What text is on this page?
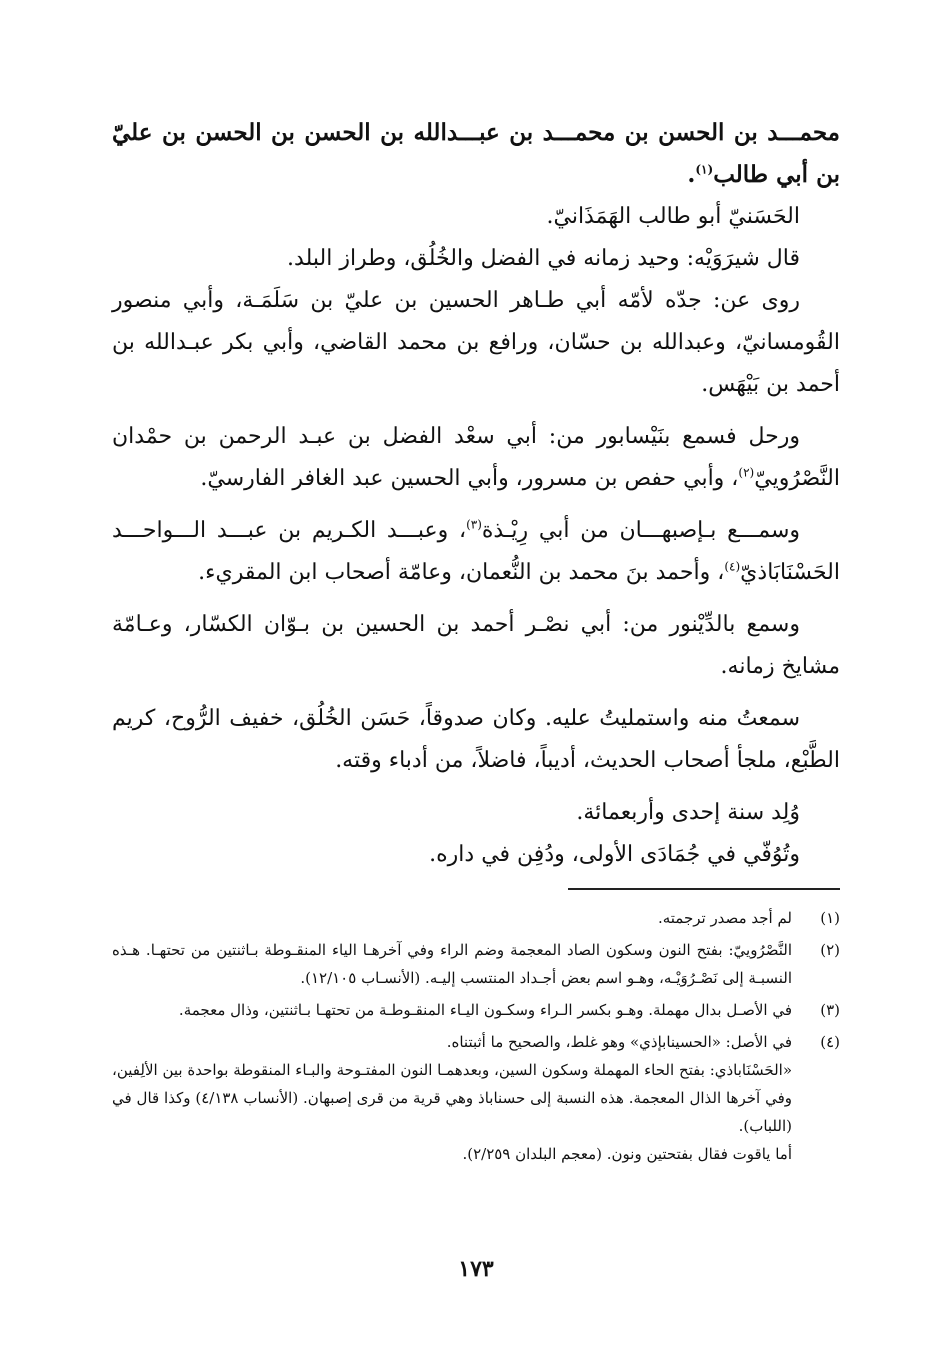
محمـــد بن الحسن بن محمـــد بن عبـــدالله بن الحسن بن الحسن بن عليّ بن أبي طالب$^{(١)}$.

الحَسَنيّ أبو طالب الهَمَذَانيّ.

قال شيرَوَيْه: وحيد زمانه في الفضل والخُلُق، وطراز البلد.

روى عن: جدّه لأمّه أبي طـاهر الحسين بن عليّ بن سَلَمَـة، وأبي منصور القُومسانيّ، وعبدالله بن حسّان، ورافع بن محمد القاضي، وأبي بكر عبـدالله بن أحمد بن بَيْهَس.

ورحل فسمع بنَيْسابور من: أبي سعْد الفضل بن عبـد الرحمن بن حمْدان النَّصْرُوييّ$^{(٢)}$، وأبي حفص بن مسرور، وأبي الحسين عبد الغافر الفارسيّ.

وسمـــع بـإصبهـــان من أبي رِيْـذة$^{(٣)}$، وعبـــد الكـريم بن عبـــد الـــواحـــد الحَسْنَابَاذيّ$^{(٤)}$، وأحمد بنَ محمد بن النُّعمان، وعامّة أصحاب ابن المقريء.

وسمع بالدِّيْنور من: أبي نصْـر أحمد بن الحسين بن بـوّان الكسّار، وعـامّة مشايخ زمانه.

سمعتُ منه واستمليتُ عليه. وكان صدوقاً، حَسَن الخُلُق، خفيف الرُّوح، كريم الطَّبْع، ملجأ أصحاب الحديث، أديباً، فاضلاً، من أدباء وقته.

وُلِد سنة إحدى وأربعمائة.

وتُوُفّي في جُمَادَى الأولى، ودُفِن في داره.

(١)
لم أجد مصدر ترجمته.
(٢)
النَّصْرُوييّ: بفتح النون وسكون الصاد المعجمة وضم الراء وفي آخرهـا الياء المنقـوطة بـاثنتين من تحتهـا. هـذه النسبـة إلى نَصْـرُوَيْـه، وهـو اسم بعض أجـداد المنتسب إليـه. (الأنسـاب ١٢/١٠٥).
(٣)
في الأصـل بدال مهملة. وهـو بكسر الـراء وسكـون اليـاء المنقـوطـة من تحتهـا بـاثنتين، وذال معجمة.
(٤)

في الأصل: «الحسينابإذي» وهو غلط، والصحيح ما أثبتناه.

«الحَسْنَاباذي: بفتح الحاء المهملة وسكون السين، وبعدهمـا النون المفتـوحة والبـاء المنقوطة بواحدة بين الألِفين، وفي آخرها الذال المعجمة. هذه النسبة إلى حسناباذ وهي قرية من قرى إصبهان. (الأنساب ٤/١٣٨) وكذا قال في (اللباب).

أما ياقوت فقال بفتحتين ونون. (معجم البلدان ٢/٢٥٩).

١٧٣
